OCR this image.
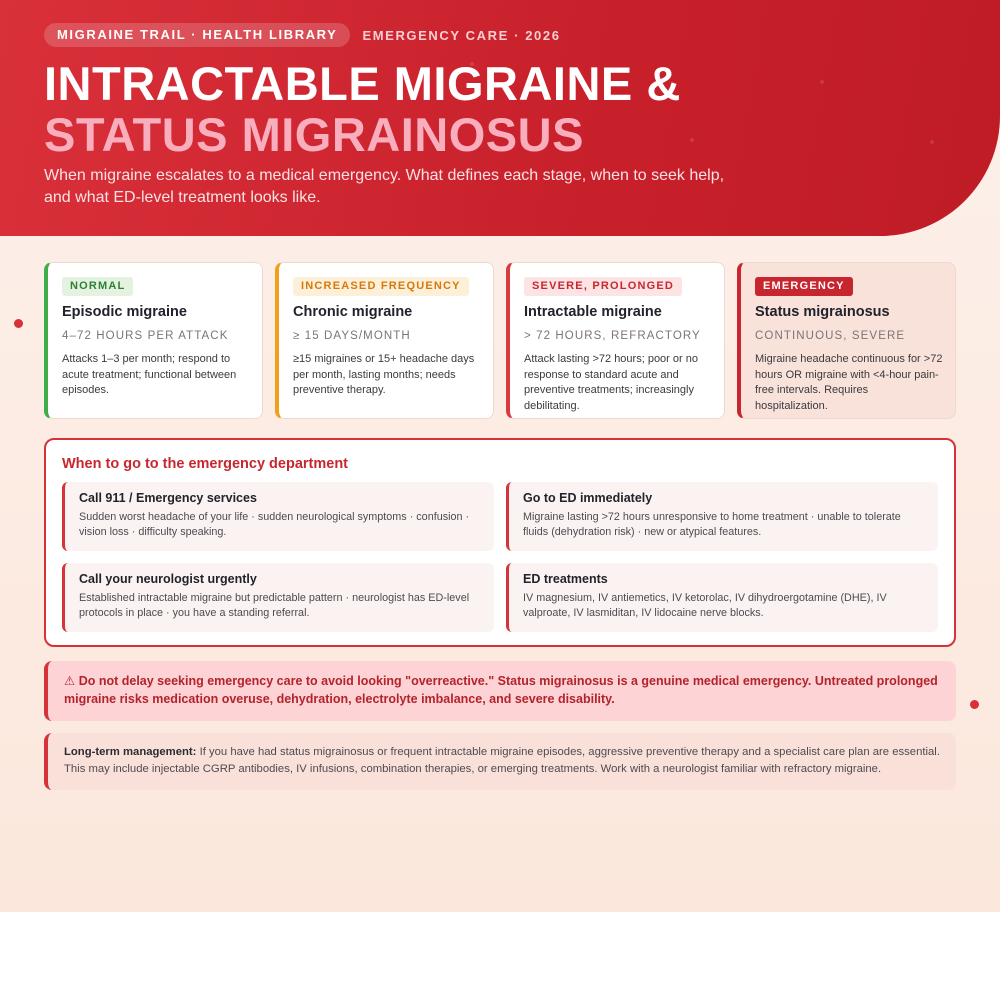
MIGRAINE TRAIL · HEALTH LIBRARY	EMERGENCY CARE · 2026
INTRACTABLE MIGRAINE &
STATUS MIGRAINOSUS

When migraine escalates to a medical emergency. What defines each stage, when to seek help, and what ED-level treatment looks like.

NORMAL
Episodic migraine
4–72 HOURS PER ATTACK
Attacks 1–3 per month; respond to acute treatment; functional between episodes.
INCREASED FREQUENCY
Chronic migraine
≥ 15 DAYS/MONTH
≥15 migraines or 15+ headache days per month, lasting months; needs preventive therapy.
SEVERE, PROLONGED
Intractable migraine
> 72 HOURS, REFRACTORY
Attack lasting >72 hours; poor or no response to standard acute and preventive treatments; increasingly debilitating.
EMERGENCY
Status migrainosus
CONTINUOUS, SEVERE
Migraine headache continuous for >72 hours OR migraine with <4-hour pain-free intervals. Requires hospitalization.
When to go to the emergency department
Call 911 / Emergency services
Sudden worst headache of your life · sudden neurological symptoms · confusion · vision loss · difficulty speaking.
Go to ED immediately
Migraine lasting >72 hours unresponsive to home treatment · unable to tolerate fluids (dehydration risk) · new or atypical features.
Call your neurologist urgently
Established intractable migraine but predictable pattern · neurologist has ED-level protocols in place · you have a standing referral.
ED treatments
IV magnesium, IV antiemetics, IV ketorolac, IV dihydroergotamine (DHE), IV valproate, IV lasmiditan, IV lidocaine nerve blocks.
⚠ Do not delay seeking emergency care to avoid looking "overreactive." Status migrainosus is a genuine medical emergency. Untreated prolonged migraine risks medication overuse, dehydration, electrolyte imbalance, and severe disability.
Long-term management: If you have had status migrainosus or frequent intractable migraine episodes, aggressive preventive therapy and a specialist care plan are essential. This may include injectable CGRP antibodies, IV infusions, combination therapies, or emerging treatments. Work with a neurologist familiar with refractory migraine.
